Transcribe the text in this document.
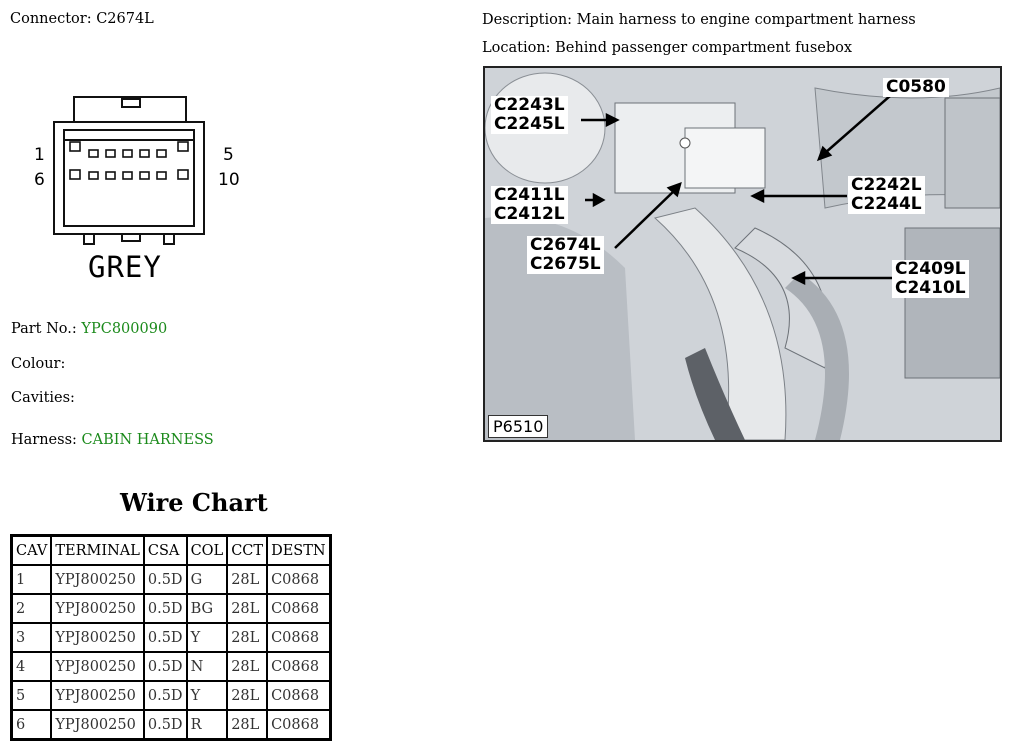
Connector: C2674L	Description: Main harness to engine compartment harness
Location: Behind passenger compartment fusebox
1
6
5
10
GREY
Part No.: YPC800090
Colour:
Cavities:
Harness: CABIN HARNESS
C2243L
C2245L
C0580
C2411L
C2412L
C2242L
C2244L
C2674L
C2675L	C2409L
C2410L
P6510
Wire Chart
CAV	TERMINAL	CSA	COL	CCT	DESTN
1	YPJ800250	0.5D	G	28L	C0868
2	YPJ800250	0.5D	BG	28L	C0868
3	YPJ800250	0.5D	Y	28L	C0868
4	YPJ800250	0.5D	N	28L	C0868
5	YPJ800250	0.5D	Y	28L	C0868
6	YPJ800250	0.5D	R	28L	C0868
